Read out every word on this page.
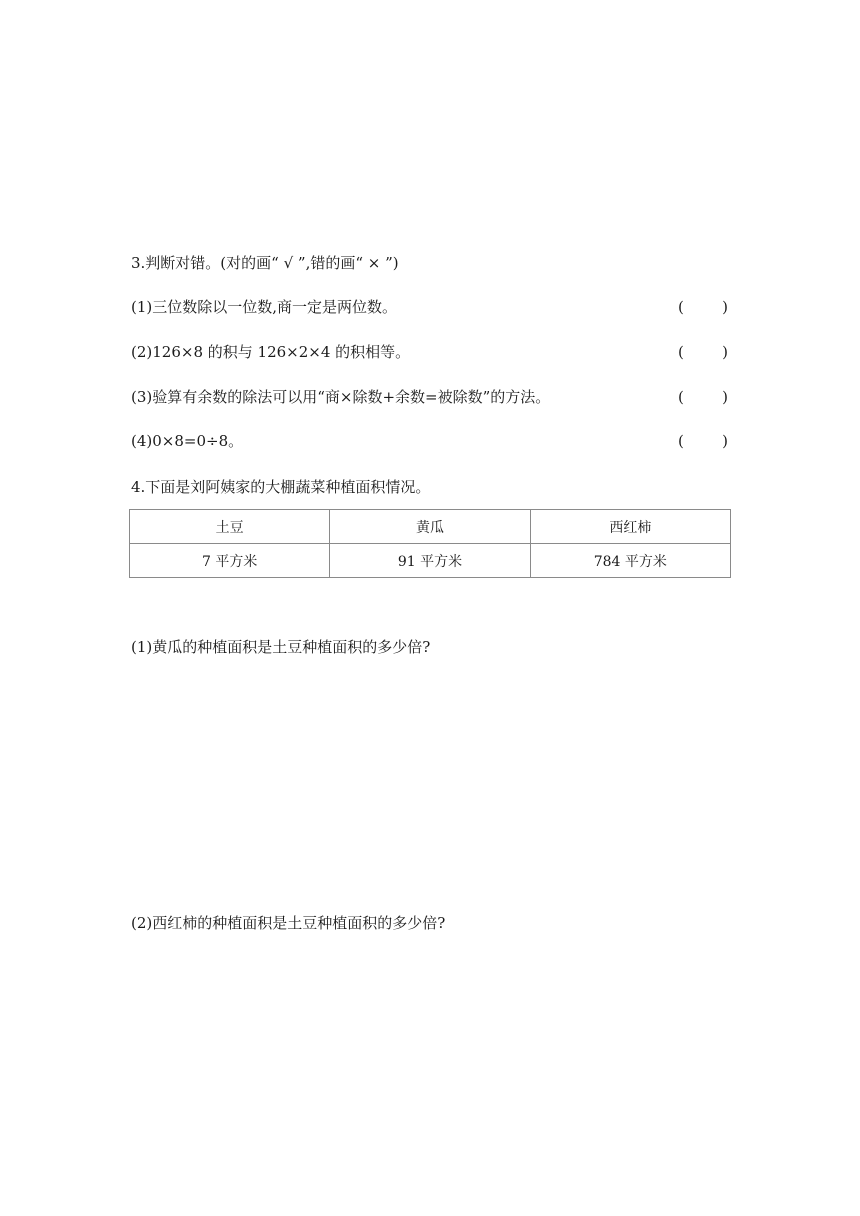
3.判断对错。(对的画“ √ ”,错的画“ × ”)
(1)三位数除以一位数,商一定是两位数。	(	)
(2)126×8 的积与 126×2×4 的积相等。	(	)
(3)验算有余数的除法可以用“商×除数+余数=被除数”的方法。	(	)
(4)0×8=0÷8。	(	)
4.下面是刘阿姨家的大棚蔬菜种植面积情况。
土豆	黄瓜	西红柿
7 平方米	91 平方米	784 平方米
(1)黄瓜的种植面积是土豆种植面积的多少倍?
(2)西红柿的种植面积是土豆种植面积的多少倍?
